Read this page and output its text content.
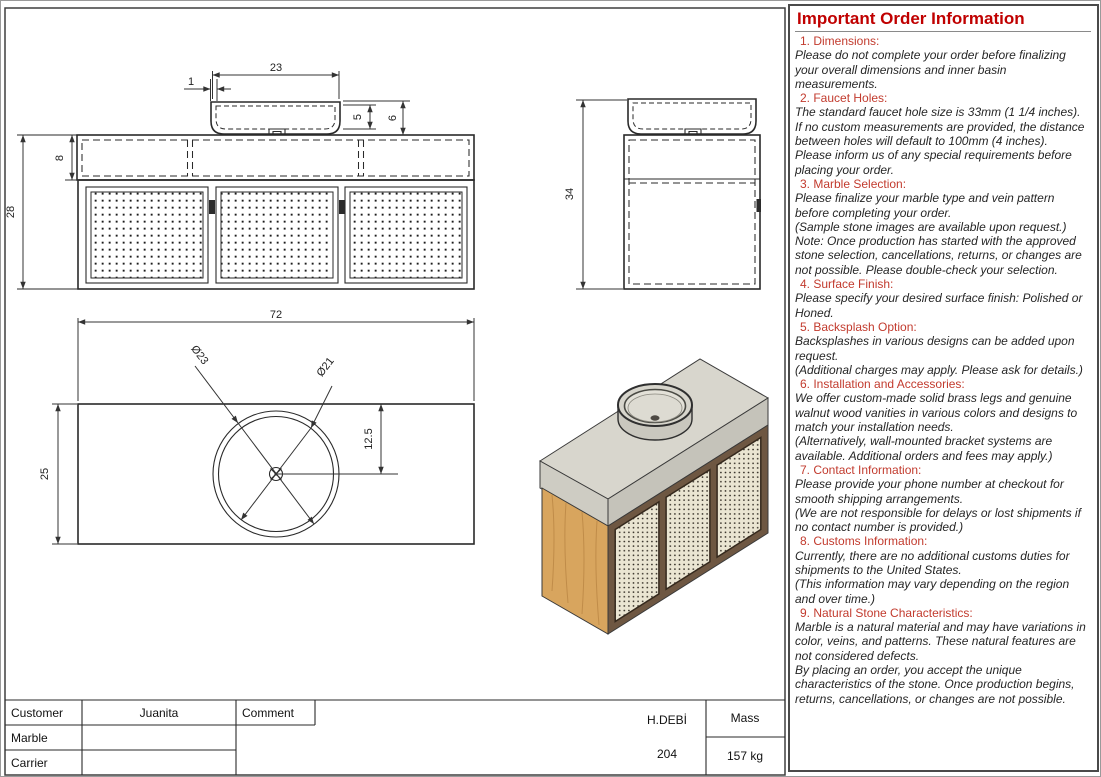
23
1
5 6
8
28
34
72
25
12.5
Ø23
Ø21
Customer	Juanita	Comment
Marble
Carrier
H.DEBİ
204
Mass
157 kg
Important Order Information
1. Dimensions:
Please do not complete your order before finalizing your overall dimensions and inner basin measurements.
2. Faucet Holes:
The standard faucet hole size is 33mm (1 1/4 inches).
If no custom measurements are provided, the distance between holes will default to 100mm (4 inches).
Please inform us of any special requirements before placing your order.
3. Marble Selection:
Please finalize your marble type and vein pattern before completing your order.
(Sample stone images are available upon request.)
Note: Once production has started with the approved stone selection, cancellations, returns, or changes are not possible. Please double-check your selection.
4. Surface Finish:
Please specify your desired surface finish: Polished or Honed.
5. Backsplash Option:
Backsplashes in various designs can be added upon request.
(Additional charges may apply. Please ask for details.)
6. Installation and Accessories:
We offer custom-made solid brass legs and genuine walnut wood vanities in various colors and designs to match your installation needs.
(Alternatively, wall-mounted bracket systems are available. Additional orders and fees may apply.)
7. Contact Information:
Please provide your phone number at checkout for smooth shipping arrangements.
(We are not responsible for delays or lost shipments if no contact number is provided.)
8. Customs Information:
Currently, there are no additional customs duties for shipments to the United States.
(This information may vary depending on the region and over time.)
9. Natural Stone Characteristics:
Marble is a natural material and may have variations in color, veins, and patterns. These natural features are not considered defects.
By placing an order, you accept the unique characteristics of the stone. Once production begins, returns, cancellations, or changes are not possible.
